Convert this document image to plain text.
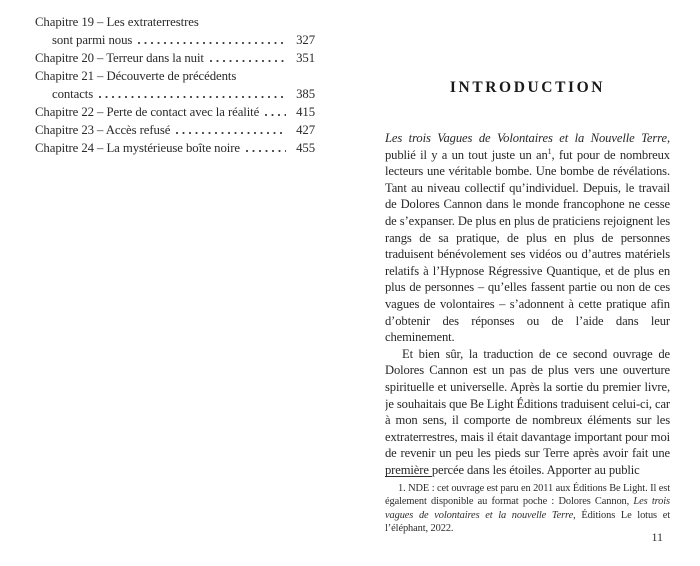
Chapitre 19 – Les extraterrestres
sont parmi nous	327
Chapitre 20 – Terreur dans la nuit	351
Chapitre 21 – Découverte de précédents
contacts	385
Chapitre 22 – Perte de contact avec la réalité	415
Chapitre 23 – Accès refusé	427
Chapitre 24 – La mystérieuse boîte noire	455
INTRODUCTION

Les trois Vagues de Volontaires et la Nouvelle Terre, publié il y a un tout juste un $an^1$, fut pour de nombreux lecteurs une véritable bombe. Une bombe de révélations. Tant au niveau collectif qu’individuel. Depuis, le travail de Dolores Cannon dans le monde francophone ne cesse de s’expanser. De plus en plus de praticiens rejoignent les rangs de sa pratique, de plus en plus de personnes traduisent bénévolement ses vidéos ou d’autres matériels relatifs à l’Hypnose Régressive Quantique, et de plus en plus de personnes – qu’elles fassent partie ou non de ces vagues de volontaires – s’adonnent à cette pratique afin d’obtenir des réponses ou de l’aide dans leur cheminement.

Et bien sûr, la traduction de ce second ouvrage de Dolores Cannon est un pas de plus vers une ouverture spirituelle et universelle. Après la sortie du premier livre, je souhaitais que Be Light Éditions traduisent celui-ci, car à mon sens, il comporte de nombreux éléments sur les extraterrestres, mais il était davantage important pour moi de revenir un peu les pieds sur Terre après avoir fait une première percée dans les étoiles. Apporter au public

1. NDE : cet ouvrage est paru en 2011 aux Éditions Be Light. Il est également disponible au format poche : Dolores Cannon, Les trois vagues de volontaires et la nouvelle Terre, Éditions Le lotus et l’éléphant, 2022.

11
